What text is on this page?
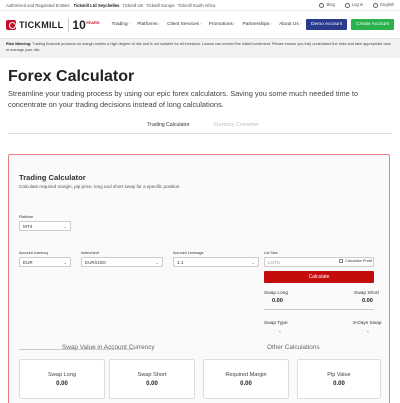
Authorized and Regulated Entities: Tickmill Ltd Seychelles Tickmill UK Tickmill Europe Tickmill South Africa	Blog	Log in	English
TICKMILL $10^{YEARS}$	Trading ˅	Platforms ˅	Client Services ˅	Promotions ˅	Partnerships ˅	About Us ˅	Demo Account	Create Account
Risk Warning: Trading financial products on margin carries a high degree of risk and is not suitable for all investors. Losses can exceed the initial investment. Please ensure you fully understand the risks and take appropriate care to manage your risk.
Forex Calculator

Streamline your trading process by using our epic forex calculators. Saving you some much needed time to concentrate on your trading decisions instead of long calculations.

Trading Calculator	Currency Converter
Trading Calculator
Calculate required margin, pip price, long and short swap for a specific position.
Platform
MT4	⌄
Account currency
EUR	⌄
Instrument
EUR/USD	⌄
Account Leverage
1:1	⌄
Lot Size
LOTS	Calculate Profit
Calculate
Swap Long	Swap Short
0.00	0.00
Swap Type	3-Days Swap
-	-
Swap Value in Account Currency	Other Calculations
Swap Long
0.00
Swap Short
0.00
Required Margin
0.00
Pip Value
0.00
